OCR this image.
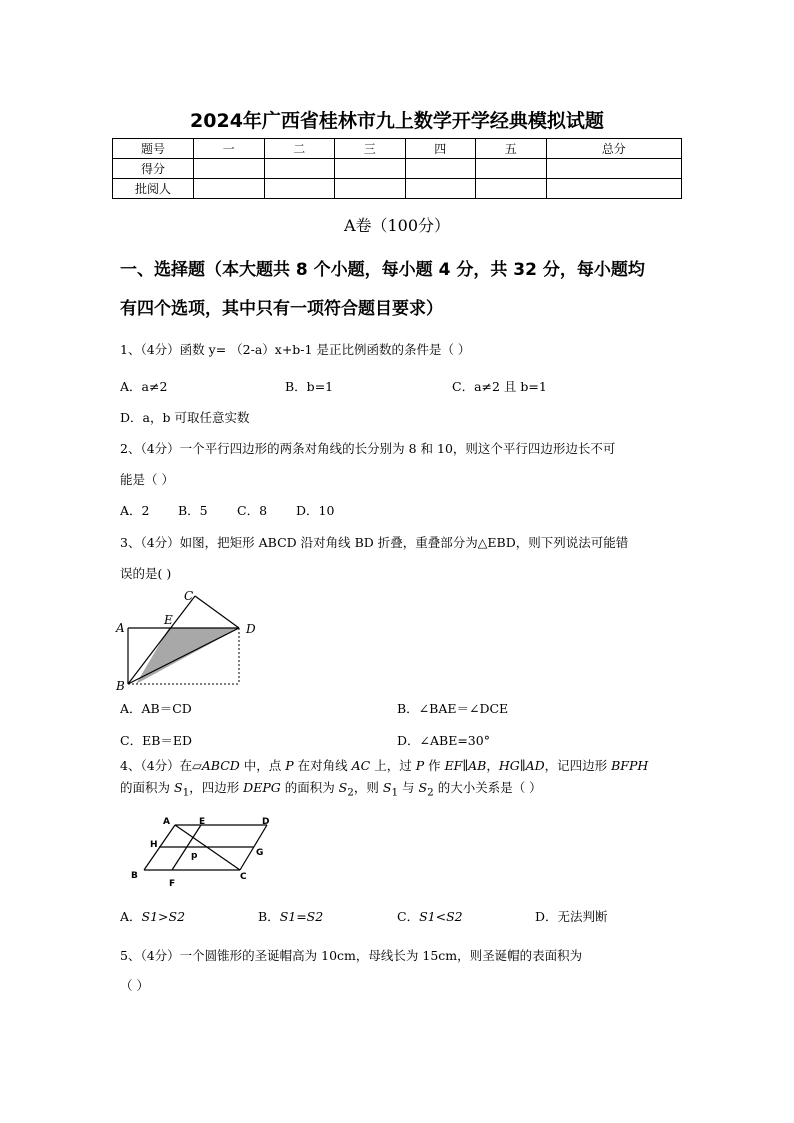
2024年广西省桂林市九上数学开学经典模拟试题
题号	一	二	三	四	五	总分
得分						
批阅人						
A卷（100分）
一、选择题（本大题共 8 个小题，每小题 4 分，共 32 分，每小题均
有四个选项，其中只有一项符合题目要求）
1、（4分）函数 y= （2-a）x+b-1 是正比例函数的条件是（ ）
A．a≠2	B．b=1	C．a≠2 且 b=1
D．a，b 可取任意实数
2、（4分）一个平行四边形的两条对角线的长分别为 8 和 10，则这个平行四边形边长不可
能是（ ）
A．2 B．5 C．8 D．10
3、（4分）如图，把矩形 ABCD 沿对角线 BD 折叠，重叠部分为△EBD，则下列说法可能错
误的是( )
A
B
C
D
E
A．AB＝CD	B．∠BAE＝∠DCE
C．EB＝ED	D．∠ABE=30°
4、（4分）在▱ABCD 中，点 P 在对角线 AC 上，过 P 作 EF∥AB，HG∥AD，记四边形 BFPH
的面积为 $S_1$，四边形 DEPG 的面积为 $S_2$，则 $S_1$ 与 $S_2$ 的大小关系是（ ）
A	E	D
H
p	G
B
F
C
A．S1>S2	B．S1=S2	C．S1<S2	D．无法判断
5、（4分）一个圆锥形的圣诞帽高为 10cm，母线长为 15cm，则圣诞帽的表面积为
（ ）
